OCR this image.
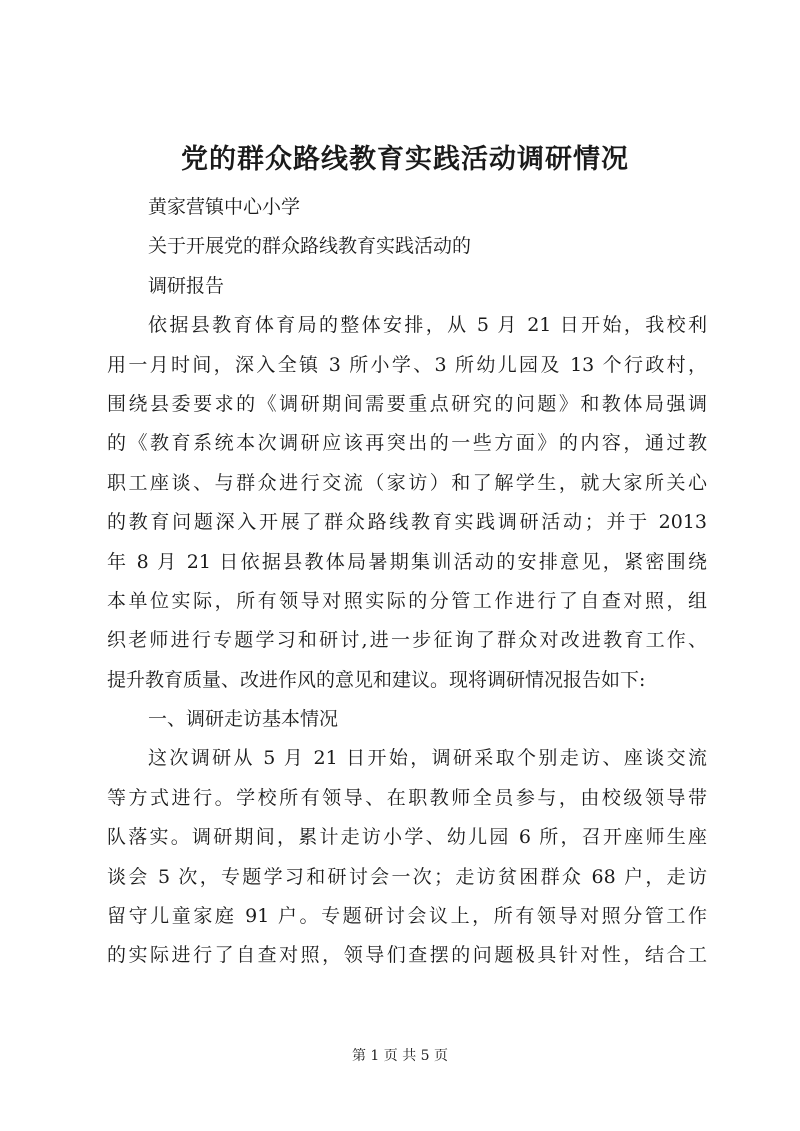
党的群众路线教育实践活动调研情况
黄家营镇中心小学
关于开展党的群众路线教育实践活动的
调研报告
依据县教育体育局的整体安排，从 5 月 21 日开始，我校利
用一月时间，深入全镇 3 所小学、3 所幼儿园及 13 个行政村，
围绕县委要求的《调研期间需要重点研究的问题》和教体局强调
的《教育系统本次调研应该再突出的一些方面》的内容，通过教
职工座谈、与群众进行交流（家访）和了解学生，就大家所关心
的教育问题深入开展了群众路线教育实践调研活动；并于 2013
年 8 月 21 日依据县教体局暑期集训活动的安排意见，紧密围绕
本单位实际，所有领导对照实际的分管工作进行了自查对照，组
织老师进行专题学习和研讨,进一步征询了群众对改进教育工作、
提升教育质量、改进作风的意见和建议。现将调研情况报告如下:
一、调研走访基本情况
这次调研从 5 月 21 日开始，调研采取个别走访、座谈交流
等方式进行。学校所有领导、在职教师全员参与，由校级领导带
队落实。调研期间，累计走访小学、幼儿园 6 所，召开座师生座
谈会 5 次，专题学习和研讨会一次；走访贫困群众 68 户，走访
留守儿童家庭 91 户。专题研讨会议上，所有领导对照分管工作
的实际进行了自查对照，领导们查摆的问题极具针对性，结合工
第 1 页 共 5 页
